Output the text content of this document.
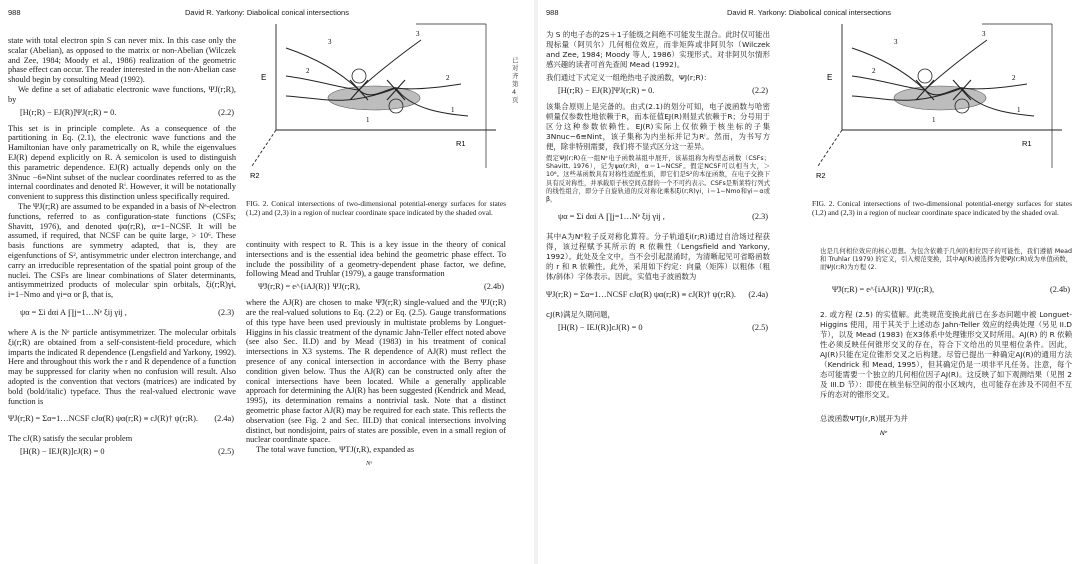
988	David R. Yarkony: Diabolical conical intersections

state with total electron spin S can never mix. In this case only the scalar (Abelian), as opposed to the matrix or non-Abelian (Wilczek and Zee, 1984; Moody et al., 1986) realization of the geometric phase effect can occur. The reader interested in the non-Abelian case should begin by consulting Mead (1992).

We define a set of adiabatic electronic wave functions, ΨJ(r;R), by

[H(r;R) − EJ(R)]ΨJ(r;R) = 0.	(2.2)

This set is in principle complete. As a consequence of the partitioning in Eq. (2.1), the electronic wave functions and the Hamiltonian have only parametrically on R, while the eigenvalues EJ(R) depend explicitly on R. A semicolon is used to distinguish this parametric dependence. EJ(R) actually depends only on the 3Nnuc −6≡Nint subset of the nuclear coordinates referred to as the internal coordinates and denoted Rⁱ. However, it will be notationally convenient to suppress this distinction unless specifically required.

The ΨJ(r;R) are assumed to be expanded in a basis of Nᵉ-electron functions, referred to as configuration-state functions (CSFs; Shavitt, 1976), and denoted ψα(r;R), α=1−NCSF. It will be assumed, if required, that NCSF can be quite large, > 10⁶. These basis functions are symmetry adapted, that is, they are eigenfunctions of S², antisymmetric under electron interchange, and carry an irreducible representation of the spatial point group of the nuclei. The CSFs are linear combinations of Slater determinants, antisymmetrized products of molecular spin orbitals, ξi(r;R)γi, i=1−Nmo and γi=α or β, that is,

ψα = Σi dαi A ∏j=1…Nᵉ ξij γij ,	(2.3)

where A is the Nᵉ particle antisymmetrizer. The molecular orbitals ξi(r;R) are obtained from a self-consistent-field procedure, which imparts the indicated R dependence (Lengsfield and Yarkony, 1992). Here and throughout this work the r and R dependence of a function may be suppressed for clarity when no confusion will result. Also adopted is the convention that vectors (matrices) are indicated by bold (bold/italic) typeface. Thus the real-valued electronic wave function is

ΨJ(r;R) = Σα=1…NCSF cJα(R) ψα(r;R) ≡ cJ(R)† ψ(r;R). (2.4a)

The cJ(R) satisfy the secular problem

[H(R) − IEJ(R)]cJ(R) = 0	(2.5)
E
R1
R2
3
3
2
2
1
1

FIG. 2. Conical intersections of two-dimensional potential-energy surfaces for states (1,2) and (2,3) in a region of nuclear coordinate space indicated by the shaded oval.

已对齐第4页

continuity with respect to R. This is a key issue in the theory of conical intersections and is the essential idea behind the geometric phase effect. To include the possibility of a geometry-dependent phase factor, we define, following Mead and Truhlar (1979), a gauge transformation

Ψ̃J(r;R) = e^{iAJ(R)} ΨJ(r;R),	(2.4b)

where the AJ(R) are chosen to make Ψ̃J(r;R) single-valued and the ΨJ(r;R) are the real-valued solutions to Eq. (2.2) or Eq. (2.5). Gauge transformations of this type have been used previously in multistate problems by Longuet-Higgins in his classic treatment of the dynamic Jahn-Teller effect noted above (see also Sec. II.D) and by Mead (1983) in his treatment of conical intersections in X3 systems. The R dependence of AJ(R) must reflect the presence of any conical intersection in accordance with the Berry phase condition given below. Thus the AJ(R) can be constructed only after the conical intersections have been located. While a generally applicable approach for determining the AJ(R) has been suggested (Kendrick and Mead, 1995), its determination remains a nontrivial task. Note that a distinct geometric phase factor AJ(R) may be required for each state. This reflects the observation (see Fig. 2 and Sec. III.D) that conical intersections involving distinct, but nondisjoint, pairs of states are possible, even in a small region of nuclear coordinate space.

The total wave function, ΨTJ(r,R), expanded as

Nᵉ
988	David R. Yarkony: Diabolical conical intersections

为 S 的电子态的2S＋1子能级之间绝不可能发生混合。此时仅可能出现标量（阿贝尔）几何相位效应，而非矩阵或非阿贝尔（Wilczek and Zee, 1984; Moody 等人, 1986）实现形式。对非阿贝尔情形感兴趣的读者可首先查阅 Mead (1992)。

我们通过下式定义一组绝热电子波函数，ΨJ(r;R)：

[H(r;R) − EJ(R)]ΨJ(r;R) = 0.	(2.2)

该集合原则上是完备的。由式(2.1)的划分可知，电子波函数与哈密顿量仅参数性地依赖于R，而本征值EJ(R)则显式依赖于R；分号用于区分这种参数依赖性。EJ(R)实际上仅依赖于核坐标的子集3Nnuc−6≡Nint，该子集称为内坐标并记为Rⁱ。然而，为书写方便，除非特别需要，我们将不显式区分这一差异。

假定ΨJ(r;R)在一组Nᵉ电子函数基组中展开，该基组称为构型态函数（CSFs；Shavitt, 1976），记为ψα(r;R)，α＝1−NCSF。假定NCSF可以相当大，＞10⁶。这些基函数具有对称性适配性质，即它们是S²的本征函数，在电子交换下具有反对称性，并承载原子核空间点群的一个不可约表示。CSFs是斯莱特行列式的线性组合，即分子自旋轨道的反对称化乘积ξi(r;R)γi，i＝1−Nmo和γi＝α或β，

ψα = Σi dαi A ∏j=1…Nᵉ ξij γij ,	(2.3)

其中A为Nᵉ粒子反对称化算符。分子轨道ξi(r;R)通过自洽场过程获得，该过程赋予其所示的 R 依赖性（Lengsfield and Yarkony, 1992）。此处及全文中，当不会引起混淆时，为清晰起见可省略函数的 r 和 R 依赖性。此外，采用如下约定：向量（矩阵）以粗体（粗体/斜体）字体表示。因此，实值电子波函数为

ΨJ(r;R) = Σα=1…NCSF cJα(R) ψα(r;R) ≡ cJ(R)† ψ(r;R). (2.4a)

cJ(R)满足久期问题，

[H(R) − IEJ(R)]cJ(R) = 0	(2.5)
E
R1
R2
3
3
2
2
1
1

FIG. 2. Conical intersections of two-dimensional potential-energy surfaces for states (1,2) and (2,3) in a region of nuclear coordinate space indicated by the shaded oval.

也是几何相位效应的核心思想。为包含依赖于几何的相位因子的可能性，我们遵循 Mead 和 Truhlar (1979) 的定义，引入规范变换，其中AJ(R)被选择为使Ψ̃J(r;R)成为单值函数，而ΨJ(r;R)为方程 (2.

Ψ̃J(r;R) = e^{iAJ(R)} ΨJ(r;R),	(2.4b)

2. 或方程 (2.5) 的实值解。此类规范变换此前已在多态问题中被 Longuet-Higgins 使用，用于其关于上述动态 Jahn-Teller 效应的经典处理（另见 II.D 节），以及 Mead (1983) 在X3体系中处理锥形交叉时所用。AJ(R) 的 R 依赖性必须反映任何锥形交叉的存在，符合下文给出的贝里相位条件。因此，AJ(R)只能在定位锥形交叉之后构建。尽管已提出一种确定AJ(R)的通用方法（Kendrick 和 Mead, 1995），但其确定仍是一项非平凡任务。注意，每个态可能需要一个独立的几何相位因子AJ(R)。这反映了如下观测结果（见图 2 及 III.D 节）：即使在核坐标空间的很小区域内，也可能存在涉及不同但不互斥的态对的锥形交叉。

总波函数ΨTJ(r,R)展开为并

Nᵉ
